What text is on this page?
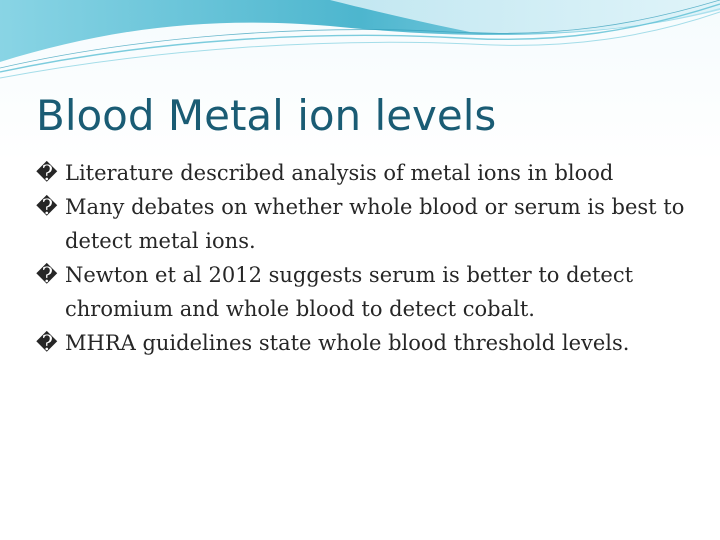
Blood Metal ion levels
� Literature described analysis of metal ions in blood
� Many debates on whether whole blood or serum is best to detect metal ions.
� Newton et al 2012 suggests serum is better to detect chromium and whole blood to detect cobalt.
� MHRA guidelines state whole blood threshold levels.
